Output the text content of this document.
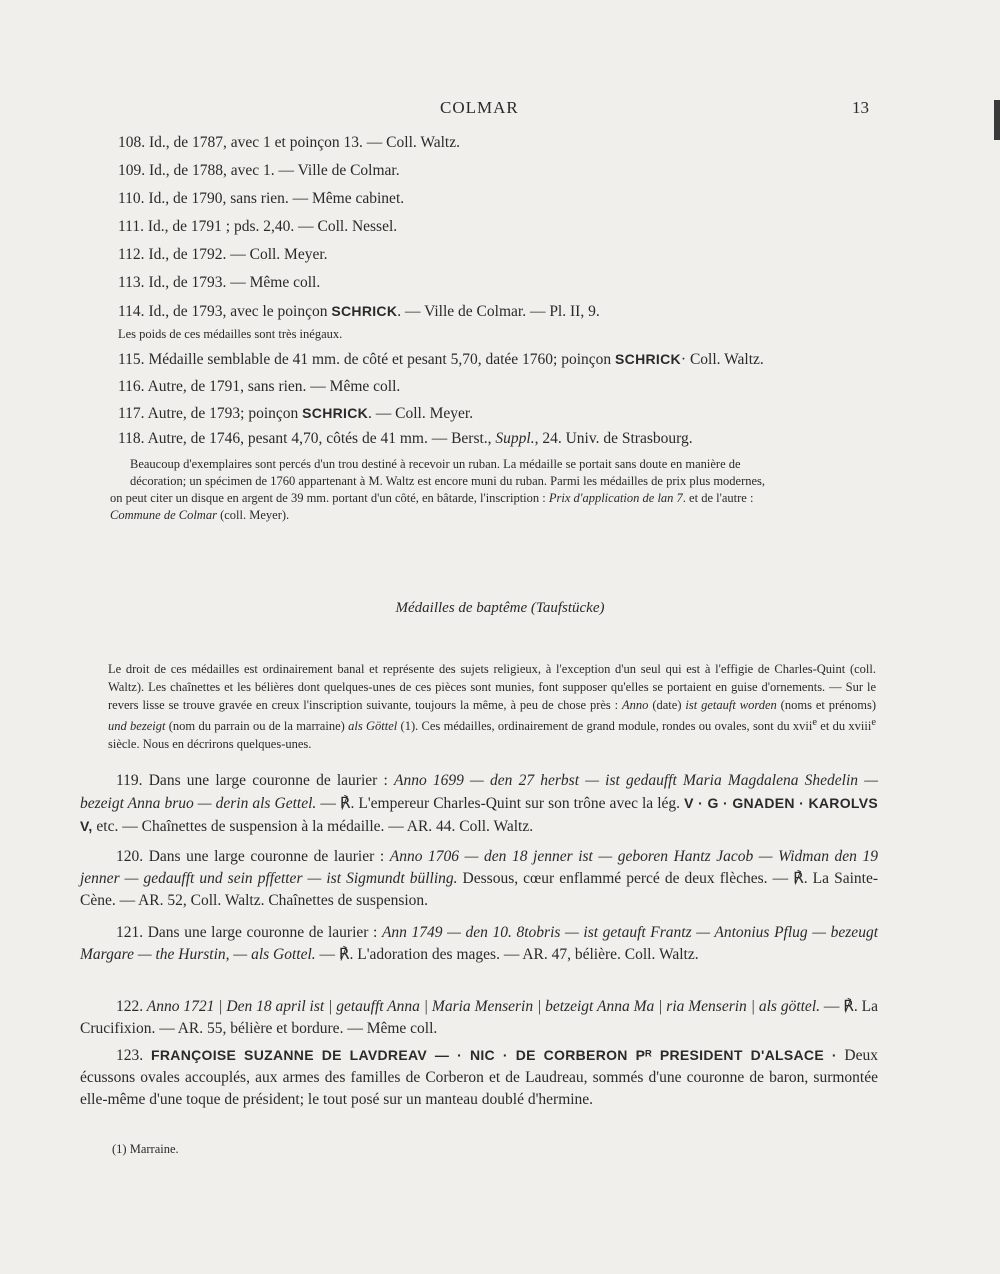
COLMAR	13
108. Id., de 1787, avec 1 et poinçon 13. — Coll. Waltz.
109. Id., de 1788, avec 1. — Ville de Colmar.
110. Id., de 1790, sans rien. — Même cabinet.
111. Id., de 1791 ; pds. 2,40. — Coll. Nessel.
112. Id., de 1792. — Coll. Meyer.
113. Id., de 1793. — Même coll.
114. Id., de 1793, avec le poinçon SCHRICK. — Ville de Colmar. — Pl. II, 9.
Les poids de ces médailles sont très inégaux.
115. Médaille semblable de 41 mm. de côté et pesant 5,70, datée 1760; poinçon SCHRICK· Coll. Waltz.
116. Autre, de 1791, sans rien. — Même coll.
117. Autre, de 1793; poinçon SCHRICK. — Coll. Meyer.
118. Autre, de 1746, pesant 4,70, côtés de 41 mm. — Berst., Suppl., 24. Univ. de Strasbourg.
Beaucoup d'exemplaires sont percés d'un trou destiné à recevoir un ruban. La médaille se portait sans doute en manière de
décoration; un spécimen de 1760 appartenant à M. Waltz est encore muni du ruban. Parmi les médailles de prix plus modernes,
on peut citer un disque en argent de 39 mm. portant d'un côté, en bâtarde, l'inscription : Prix d'application de lan 7. et de l'autre :
Commune de Colmar (coll. Meyer).
Médailles de baptême (Taufstücke)
Le droit de ces médailles est ordinairement banal et représente des sujets religieux, à l'exception d'un seul qui est à l'effigie de Charles-Quint (coll. Waltz). Les chaînettes et les bélières dont quelques-unes de ces pièces sont munies, font supposer qu'elles se portaient en guise d'ornements. — Sur le revers lisse se trouve gravée en creux l'inscription suivante, toujours la même, à peu de chose près : Anno (date) ist getauft worden (noms et prénoms) und bezeigt (nom du parrain ou de la marraine) als Göttel (1). Ces médailles, ordinairement de grand module, rondes ou ovales, sont du xvii$^e$ et du xviii$^e$ siècle. Nous en décrirons quelques-unes.
119. Dans une large couronne de laurier : Anno 1699 — den 27 herbst — ist gedaufft Maria Magdalena Shedelin — bezeigt Anna bruo — derin als Gettel. — ℟. L'empereur Charles-Quint sur son trône avec la lég. V · G · GNADEN · KAROLVS V, etc. — Chaînettes de suspension à la médaille. — AR. 44. Coll. Waltz.
120. Dans une large couronne de laurier : Anno 1706 — den 18 jenner ist — geboren Hantz Jacob — Widman den 19 jenner — gedaufft und sein pffetter — ist Sigmundt bülling. Dessous, cœur enflammé percé de deux flèches. — ℟. La Sainte-Cène. — AR. 52, Coll. Waltz. Chaînettes de suspension.
121. Dans une large couronne de laurier : Ann 1749 — den 10. 8tobris — ist getauft Frantz — Antonius Pflug — bezeugt Margare — the Hurstin, — als Gottel. — ℟. L'adoration des mages. — AR. 47, bélière. Coll. Waltz.
122. Anno 1721 | Den 18 april ist | getaufft Anna | Maria Menserin | betzeigt Anna Ma | ria Menserin | als göttel. — ℟. La Crucifixion. — AR. 55, bélière et bordure. — Même coll.
123. FRANÇOISE SUZANNE DE LAVDREAV — · NIC · DE CORBERON Pᴿ PRESIDENT D'ALSACE · Deux écussons ovales accouplés, aux armes des familles de Corberon et de Laudreau, sommés d'une couronne de baron, surmontée elle-même d'une toque de président; le tout posé sur un manteau doublé d'hermine.
(1) Marraine.
